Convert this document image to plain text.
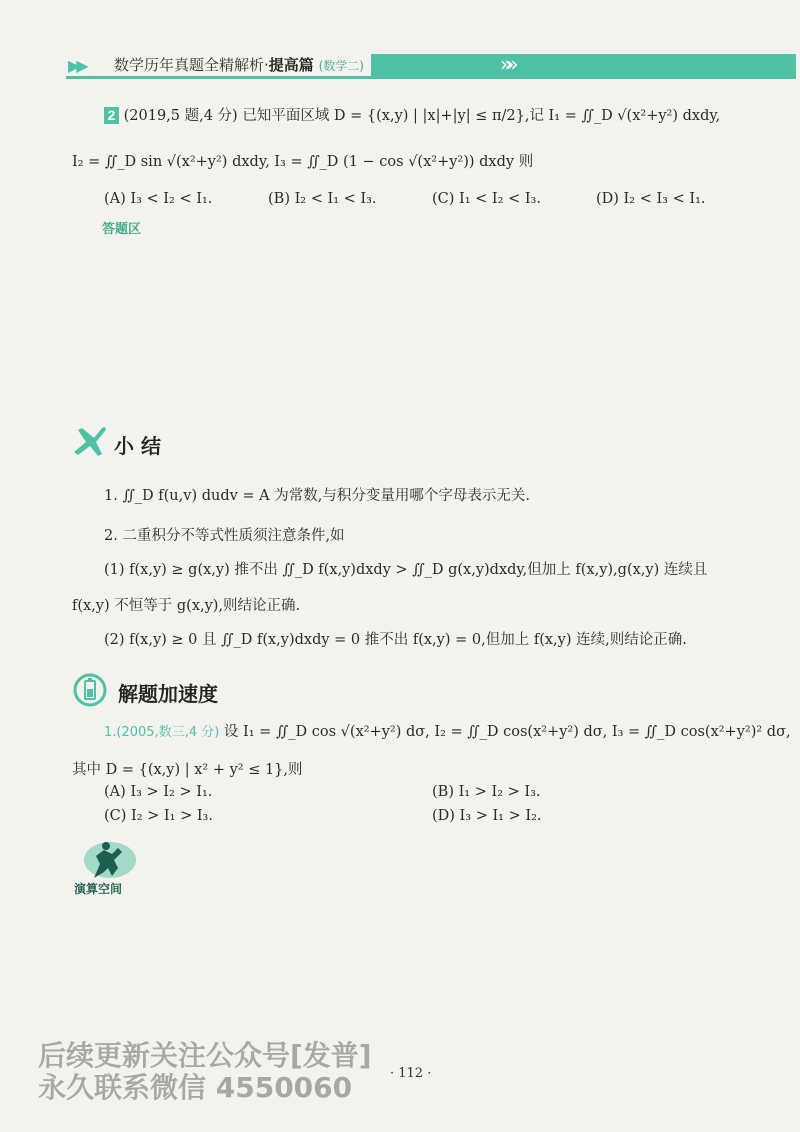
▶▶ 数学历年真题全精解析·提高篇 (数学二)	»»
2 (2019,5 题,4 分) 已知平面区域 D = {(x,y) | |x|+|y| ≤ π/2},记 I₁ = ∬_D √(x²+y²) dxdy,
I₂ = ∬_D sin √(x²+y²) dxdy, I₃ = ∬_D (1 − cos √(x²+y²)) dxdy 则
(A) I₃ < I₂ < I₁.	(B) I₂ < I₁ < I₃.	(C) I₁ < I₂ < I₃.	(D) I₂ < I₃ < I₁.
答题区
小 结
1. ∬_D f(u,v) dudv = A 为常数,与积分变量用哪个字母表示无关.
2. 二重积分不等式性质须注意条件,如
(1) f(x,y) ≥ g(x,y) 推不出 ∬_D f(x,y)dxdy > ∬_D g(x,y)dxdy,但加上 f(x,y),g(x,y) 连续且
f(x,y) 不恒等于 g(x,y),则结论正确.
(2) f(x,y) ≥ 0 且 ∬_D f(x,y)dxdy = 0 推不出 f(x,y) = 0,但加上 f(x,y) 连续,则结论正确.
解题加速度
1.(2005,数三,4 分) 设 I₁ = ∬_D cos √(x²+y²) dσ, I₂ = ∬_D cos(x²+y²) dσ, I₃ = ∬_D cos(x²+y²)² dσ,
其中 D = {(x,y) | x² + y² ≤ 1},则
(A) I₃ > I₂ > I₁.	(B) I₁ > I₂ > I₃.
(C) I₂ > I₁ > I₃.	(D) I₃ > I₁ > I₂.
演算空间
后续更新关注公众号[发普]
永久联系微信 4550060	· 112 ·
